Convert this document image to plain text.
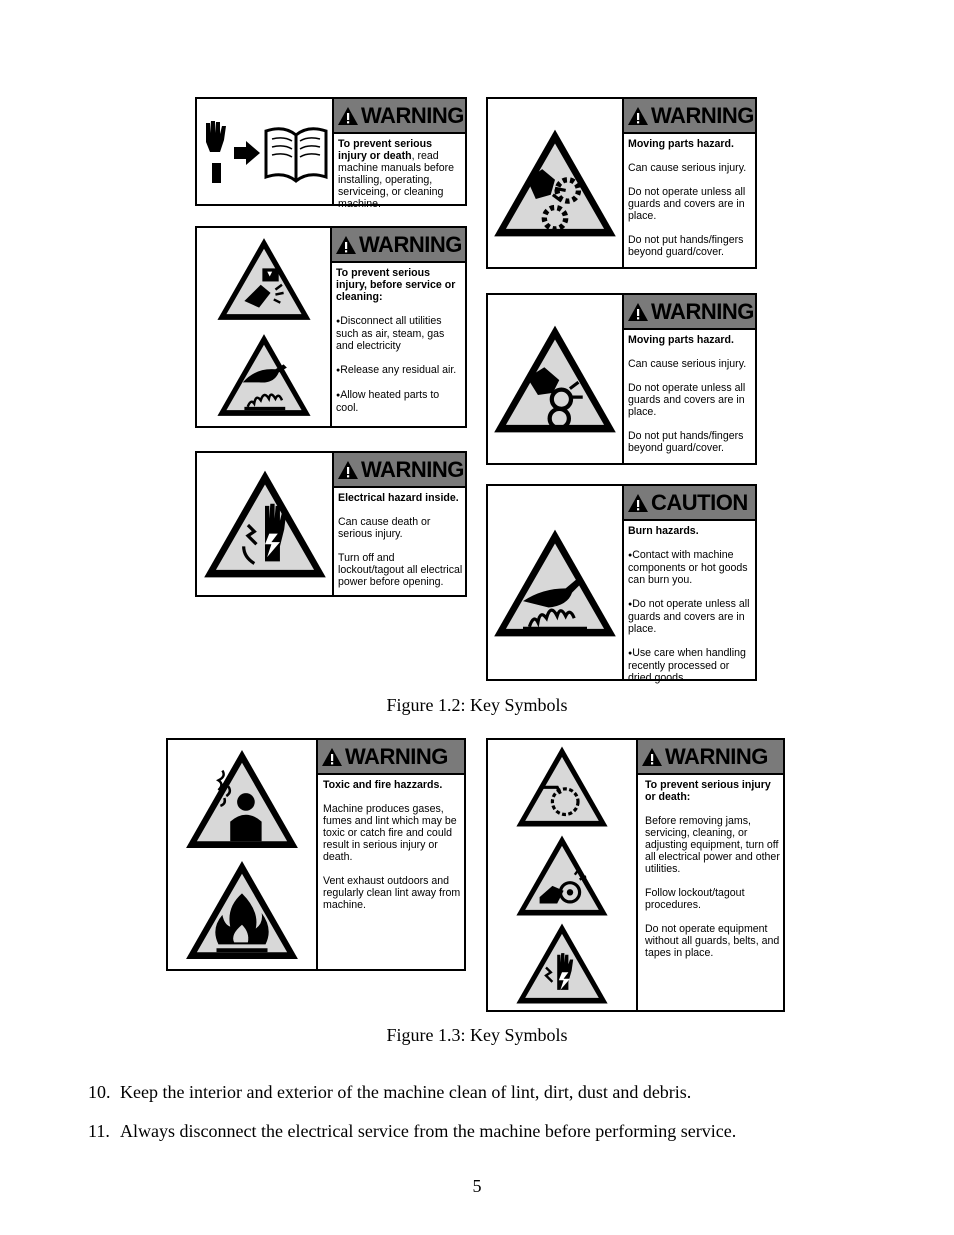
WARNING
To prevent serious injury or death, read machine manuals before installing, operating, serviceing, or cleaning machine.
WARNING

To prevent serious injury, before service or cleaning:

● Disconnect all utilities such as air, steam, gas and electricity

● Release any residual air.

● Allow heated parts to cool.

WARNING

Electrical hazard inside.

Can cause death or serious injury.

Turn off and lockout/tagout all electrical power before opening.

WARNING

Moving parts hazard.

Can cause serious injury.

Do not operate unless all guards and covers are in place.

Do not put hands/fingers beyond guard/cover.

WARNING

Moving parts hazard.

Can cause serious injury.

Do not operate unless all guards and covers are in place.

Do not put hands/fingers beyond guard/cover.

CAUTION

Burn hazards.

● Contact with machine components or hot goods can burn you.

● Do not operate unless all guards and covers are in place.

● Use care when handling recently processed or dried goods.

Figure 1.2: Key Symbols
WARNING

Toxic and fire hazzards.

Machine produces gases, fumes and lint which may be toxic or catch fire and could result in serious injury or death.

Vent exhaust outdoors and regularly clean lint away from machine.

WARNING

To prevent serious injury or death:

Before removing jams, servicing, cleaning, or adjusting equipment, turn off all electrical power and other utilities.

Follow lockout/tagout procedures.

Do not operate equipment without all guards, belts, and tapes in place.

Figure 1.3: Key Symbols
10. Keep the interior and exterior of the machine clean of lint, dirt, dust and debris.
11. Always disconnect the electrical service from the machine before performing service.
5
